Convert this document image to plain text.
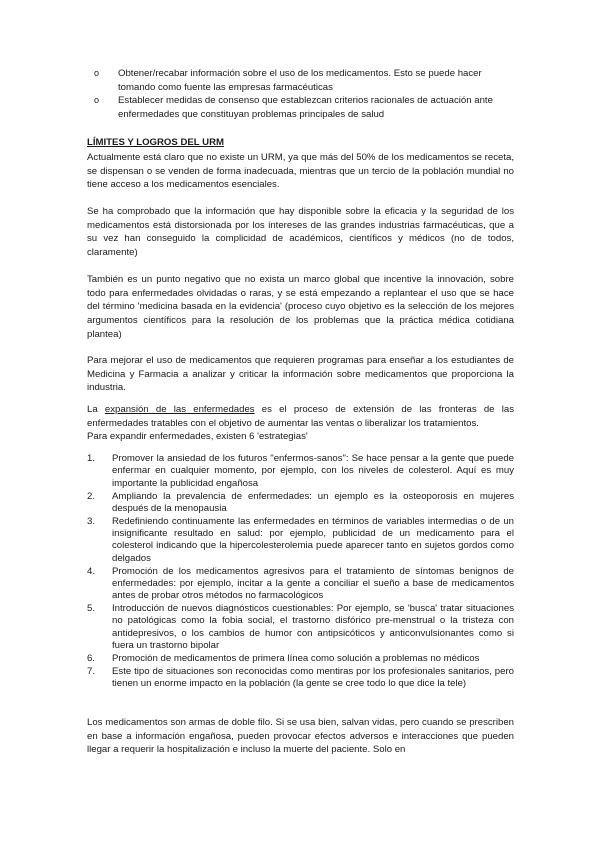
o Obtener/recabar información sobre el uso de los medicamentos. Esto se puede hacer tomando como fuente las empresas farmacéuticas
o Establecer medidas de consenso que establezcan criterios racionales de actuación ante enfermedades que constituyan problemas principales de salud
LÍMITES Y LOGROS DEL URM
Actualmente está claro que no existe un URM, ya que más del 50% de los medicamentos se receta, se dispensan o se venden de forma inadecuada, mientras que un tercio de la población mundial no tiene acceso a los medicamentos esenciales.
Se ha comprobado que la información que hay disponible sobre la eficacia y la seguridad de los medicamentos está distorsionada por los intereses de las grandes industrias farmacéuticas, que a su vez han conseguido la complicidad de académicos, científicos y médicos (no de todos, claramente)
También es un punto negativo que no exista un marco global que incentive la innovación, sobre todo para enfermedades olvidadas o raras, y se está empezando a replantear el uso que se hace del término 'medicina basada en la evidencia' (proceso cuyo objetivo es la selección de los mejores argumentos científicos para la resolución de los problemas que la práctica médica cotidiana plantea)
Para mejorar el uso de medicamentos que requieren programas para enseñar a los estudiantes de Medicina y Farmacia a analizar y criticar la información sobre medicamentos que proporciona la industria.
La expansión de las enfermedades es el proceso de extensión de las fronteras de las enfermedades tratables con el objetivo de aumentar las ventas o liberalizar los tratamientos.
Para expandir enfermedades, existen 6 'estrategias'
1. Promover la ansiedad de los futuros "enfermos-sanos": Se hace pensar a la gente que puede enfermar en cualquier momento, por ejemplo, con los niveles de colesterol. Aquí es muy importante la publicidad engañosa
2. Ampliando la prevalencia de enfermedades: un ejemplo es la osteoporosis en mujeres después de la menopausia
3. Redefiniendo continuamente las enfermedades en términos de variables intermedias o de un insignificante resultado en salud: por ejemplo, publicidad de un medicamento para el colesterol indicando que la hipercolesterolemia puede aparecer tanto en sujetos gordos como delgados
4. Promoción de los medicamentos agresivos para el tratamiento de síntomas benignos de enfermedades: por ejemplo, incitar a la gente a conciliar el sueño a base de medicamentos antes de probar otros métodos no farmacológicos
5. Introducción de nuevos diagnósticos cuestionables: Por ejemplo, se 'busca' tratar situaciones no patológicas como la fobia social, el trastorno disfórico pre-menstrual o la tristeza con antidepresivos, o los cambios de humor con antipsicóticos y anticonvulsionantes como si fuera un trastorno bipolar
6. Promoción de medicamentos de primera línea como solución a problemas no médicos
7. Este tipo de situaciones son reconocidas como mentiras por los profesionales sanitarios, pero tienen un enorme impacto en la población (la gente se cree todo lo que dice la tele)
Los medicamentos son armas de doble filo. Si se usa bien, salvan vidas, pero cuando se prescriben en base a información engañosa, pueden provocar efectos adversos e interacciones que pueden llegar a requerir la hospitalización e incluso la muerte del paciente. Solo en
